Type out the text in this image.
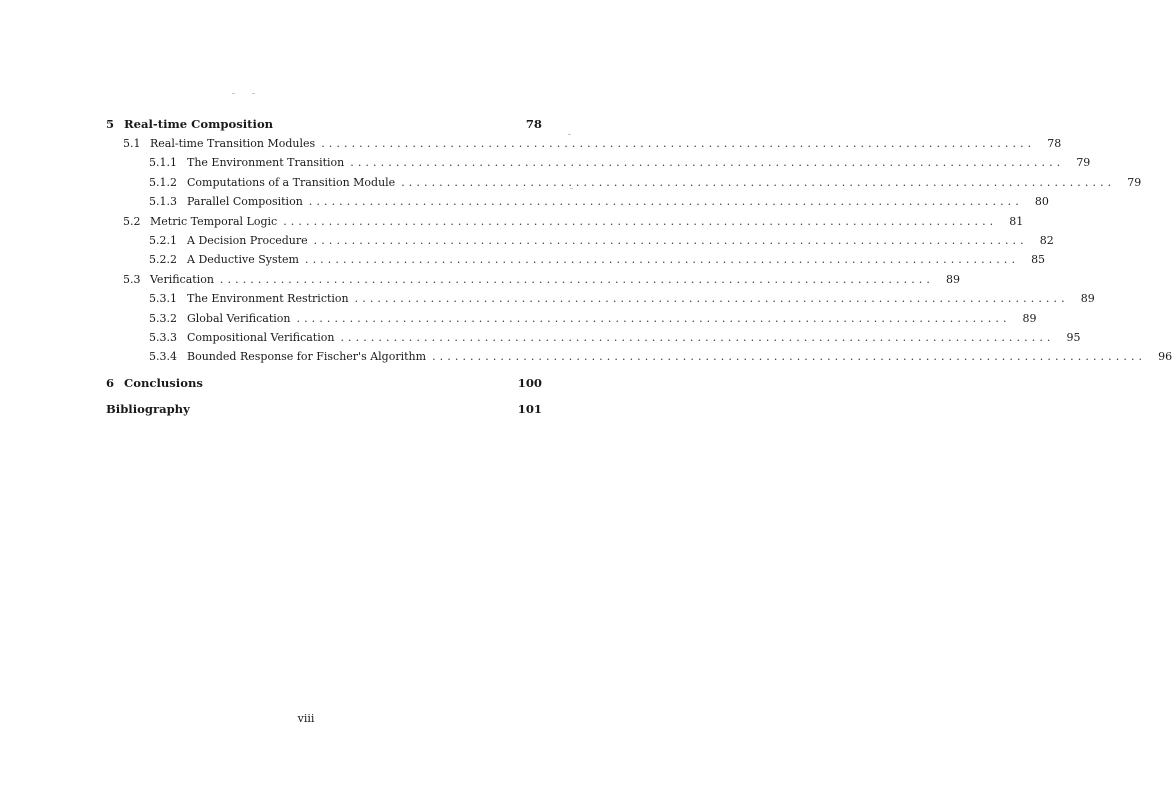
5 Real-time Composition	78
5.1 Real-time Transition Modules ..............................................................................................	78
5.1.1 The Environment Transition ..............................................................................................	79
5.1.2 Computations of a Transition Module ..............................................................................................	79
5.1.3 Parallel Composition ..............................................................................................	80
5.2 Metric Temporal Logic ..............................................................................................	81
5.2.1 A Decision Procedure ..............................................................................................	82
5.2.2 A Deductive System ..............................................................................................	85
5.3 Verification ..............................................................................................	89
5.3.1 The Environment Restriction ..............................................................................................	89
5.3.2 Global Verification ..............................................................................................	89
5.3.3 Compositional Verification ..............................................................................................	95
5.3.4 Bounded Response for Fischer's Algorithm ..............................................................................................	96
6 Conclusions	100
Bibliography	101
viii
